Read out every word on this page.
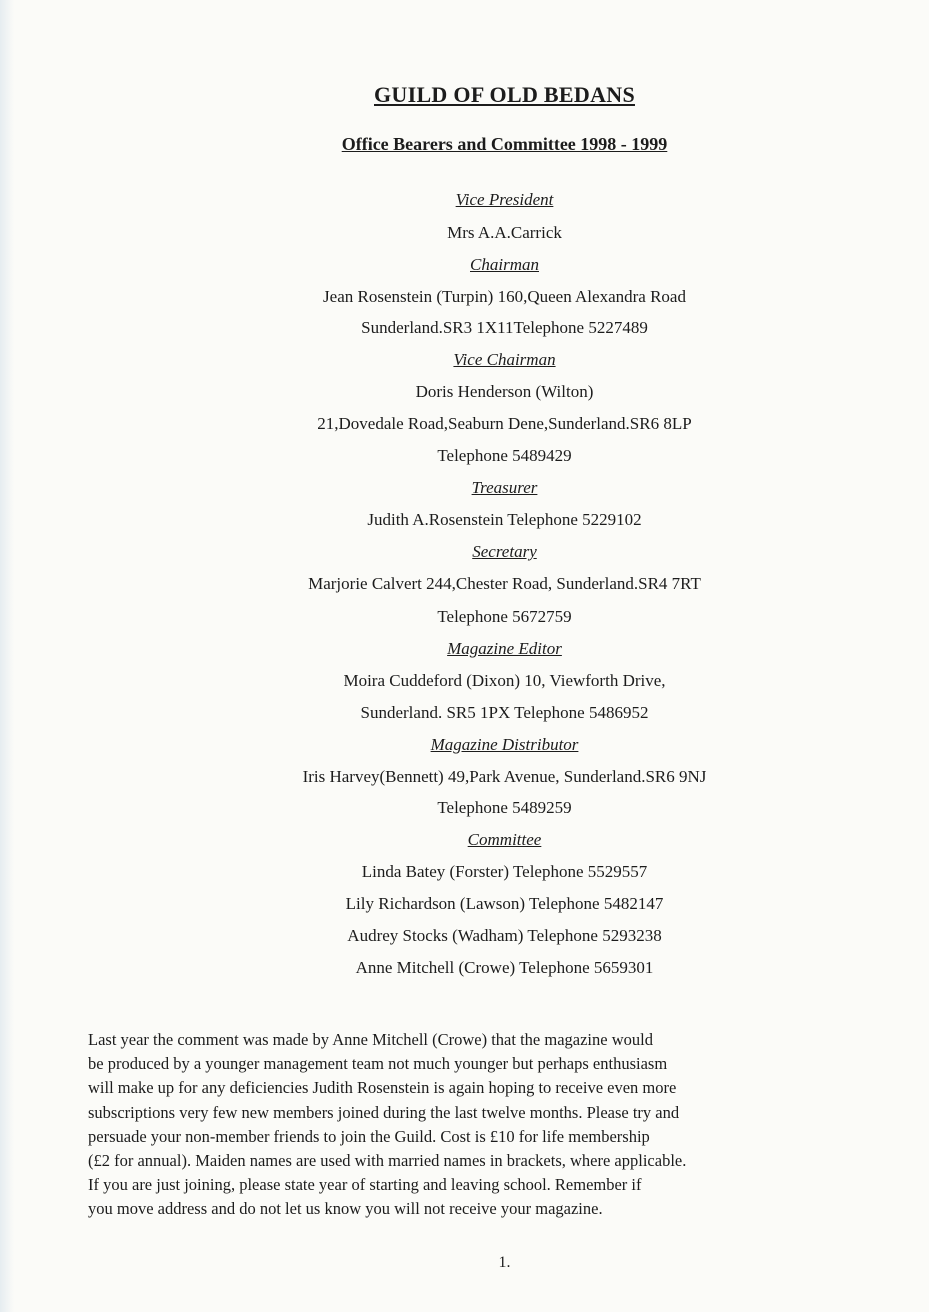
GUILD OF OLD BEDANS
Office Bearers and Committee 1998 - 1999
Vice President
Mrs A.A.Carrick
Chairman
Jean Rosenstein (Turpin) 160,Queen Alexandra Road
Sunderland.SR3 1X11Telephone 5227489
Vice Chairman
Doris Henderson (Wilton)
21,Dovedale Road,Seaburn Dene,Sunderland.SR6 8LP
Telephone 5489429
Treasurer
Judith A.Rosenstein Telephone 5229102
Secretary
Marjorie Calvert 244,Chester Road, Sunderland.SR4 7RT
Telephone 5672759
Magazine Editor
Moira Cuddeford (Dixon) 10, Viewforth Drive,
Sunderland. SR5 1PX Telephone 5486952
Magazine Distributor
Iris Harvey(Bennett) 49,Park Avenue, Sunderland.SR6 9NJ
Telephone 5489259
Committee
Linda Batey (Forster) Telephone 5529557
Lily Richardson (Lawson) Telephone 5482147
Audrey Stocks (Wadham) Telephone 5293238
Anne Mitchell (Crowe) Telephone 5659301
Last year the comment was made by Anne Mitchell (Crowe) that the magazine would
be produced by a younger management team not much younger but perhaps enthusiasm
will make up for any deficiencies Judith Rosenstein is again hoping to receive even more
subscriptions very few new members joined during the last twelve months. Please try and
persuade your non-member friends to join the Guild. Cost is £10 for life membership
(£2 for annual). Maiden names are used with married names in brackets, where applicable.
If you are just joining, please state year of starting and leaving school. Remember if
you move address and do not let us know you will not receive your magazine.
1.
